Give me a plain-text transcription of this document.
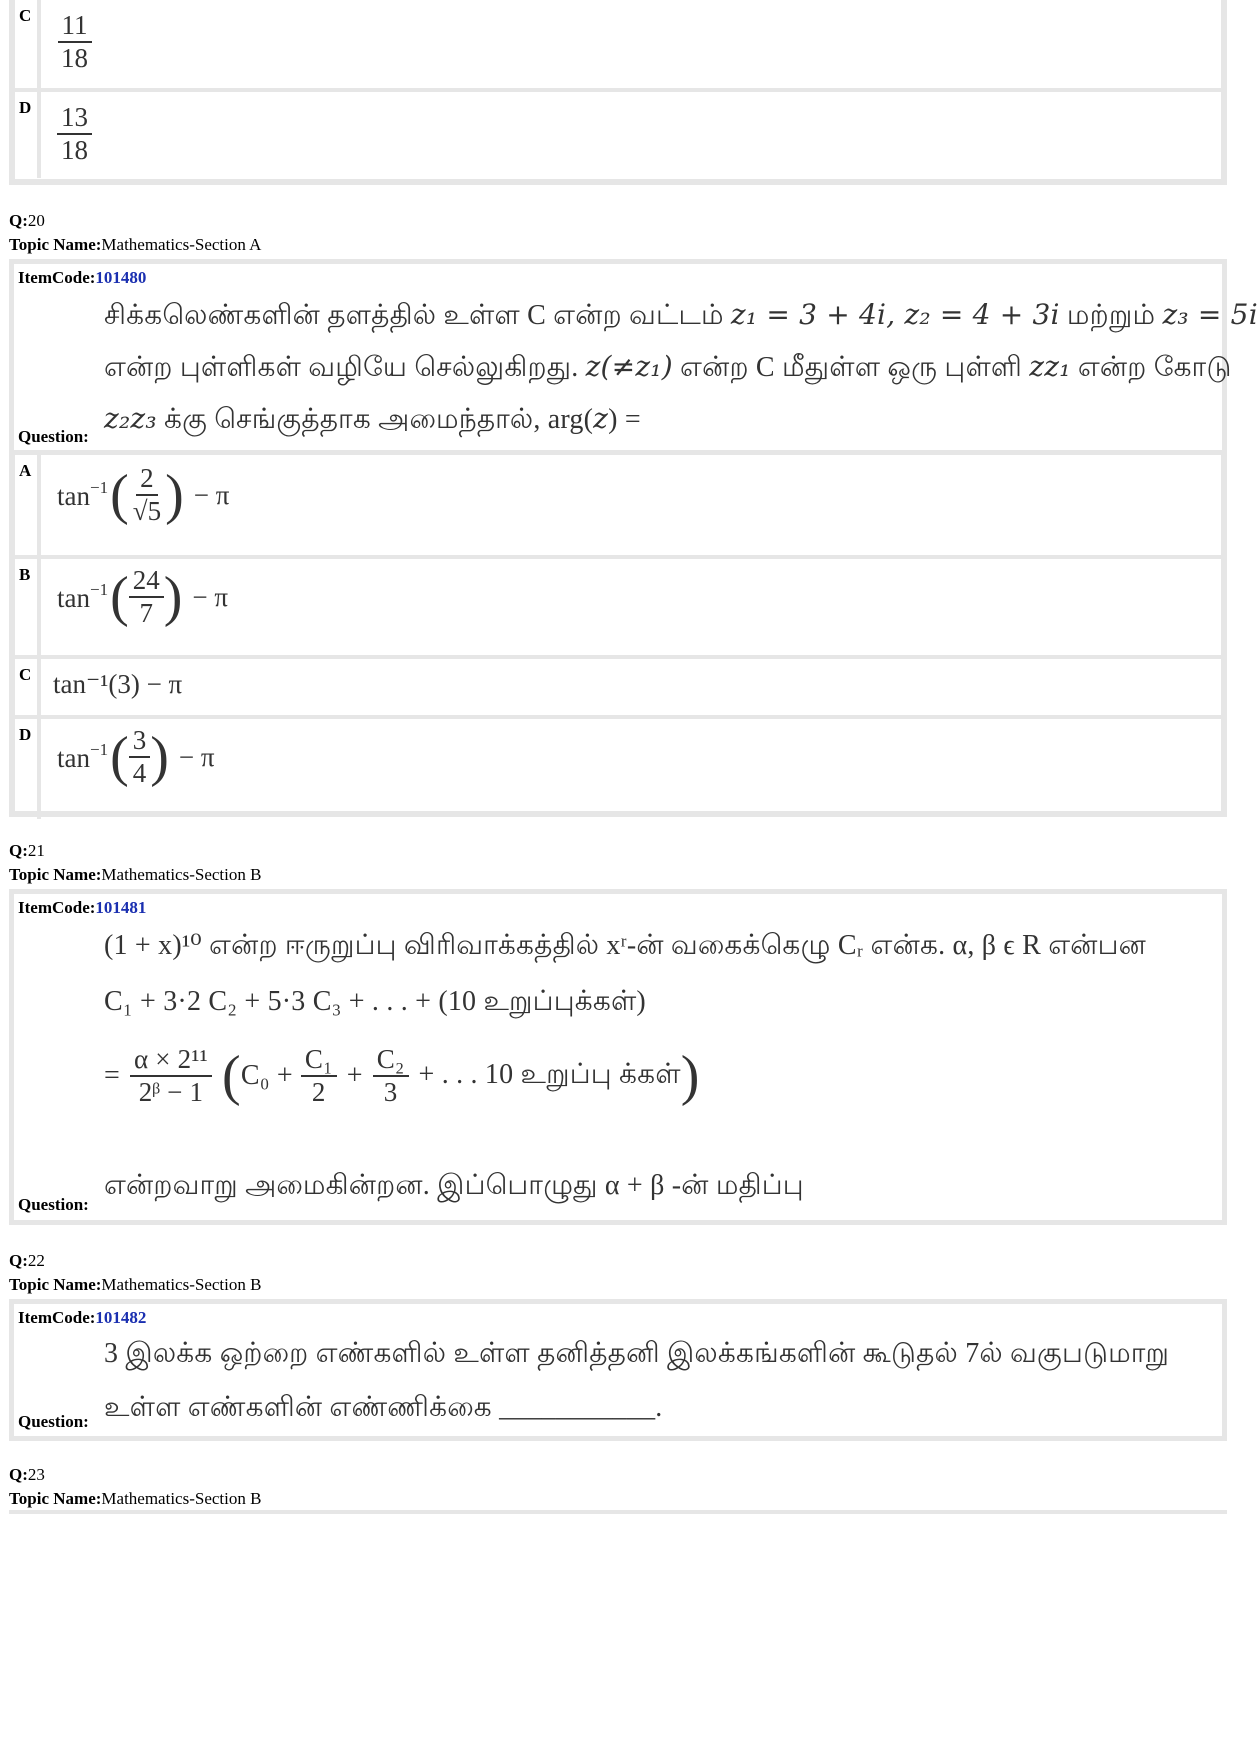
C $\frac{11}{18}$
D $\frac{13}{18}$
Q:20
Topic Name:Mathematics-Section A
ItemCode:101480
சிக்கலெண்களின் தளத்தில் உள்ள C என்ற வட்டம் z₁ = 3 + 4i, z₂ = 4 + 3i மற்றும் z₃ = 5i
என்ற புள்ளிகள் வழியே செல்லுகிறது. z(≠z₁) என்ற C மீதுள்ள ஒரு புள்ளி zz₁ என்ற கோடு
z₂z₃ க்கு செங்குத்தாக அமைந்தால், arg(z) =
Question:
A
$\tan^{-1}$ ( $\frac{2}{√5}$ ) − π
B
$\tan^{-1}$ ( $\frac{24}{7}$ ) − π
C tan⁻¹(3) − π
D
$\tan^{-1}$ ( $\frac{3}{4}$ ) − π
Q:21
Topic Name:Mathematics-Section B
ItemCode:101481
(1 + x)¹⁰ என்ற ஈருறுப்பு விரிவாக்கத்தில் xʳ-ன் வகைக்கெழு Cᵣ என்க. α, β ϵ R என்பன
C₁ + 3·2 C₂ + 5·3 C₃ + . . . + (10 உறுப்புக்கள்)
= $\frac{\text{α × 2¹¹}}{\text{2ᵝ − 1}}$ ( $C_0 + \frac{\text{C₁}}{2} + \frac{\text{C₂}}{3}$ + . . . 10 உறுப்பு க்கள் )
என்றவாறு அமைகின்றன. இப்பொழுது α + β -ன் மதிப்பு
Question:
Q:22
Topic Name:Mathematics-Section B
ItemCode:101482
3 இலக்க ஒற்றை எண்களில் உள்ள தனித்தனி இலக்கங்களின் கூடுதல் 7ல் வகுபடுமாறு
உள்ள எண்களின் எண்ணிக்கை ___________.
Question:
Q:23
Topic Name:Mathematics-Section B
